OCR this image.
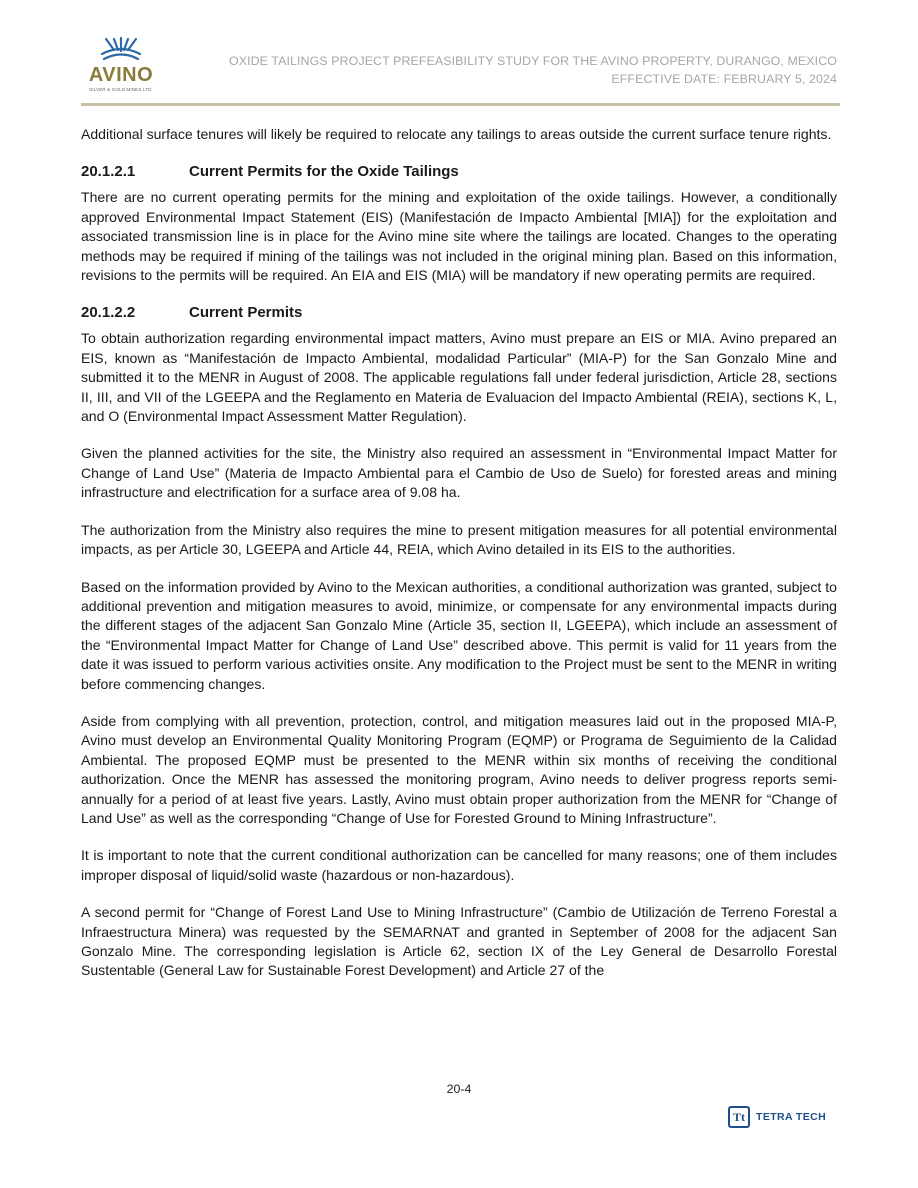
AVINO
SILVER & GOLD MINES LTD.
OXIDE TAILINGS PROJECT PREFEASIBILITY STUDY FOR THE AVINO PROPERTY, DURANGO, MEXICO
EFFECTIVE DATE: FEBRUARY 5, 2024

Additional surface tenures will likely be required to relocate any tailings to areas outside the current surface tenure rights.

20.1.2.1	Current Permits for the Oxide Tailings

There are no current operating permits for the mining and exploitation of the oxide tailings. However, a conditionally approved Environmental Impact Statement (EIS) (Manifestación de Impacto Ambiental [MIA]) for the exploitation and associated transmission line is in place for the Avino mine site where the tailings are located. Changes to the operating methods may be required if mining of the tailings was not included in the original mining plan. Based on this information, revisions to the permits will be required. An EIA and EIS (MIA) will be mandatory if new operating permits are required.

20.1.2.2	Current Permits

To obtain authorization regarding environmental impact matters, Avino must prepare an EIS or MIA. Avino prepared an EIS, known as “Manifestación de Impacto Ambiental, modalidad Particular” (MIA-P) for the San Gonzalo Mine and submitted it to the MENR in August of 2008. The applicable regulations fall under federal jurisdiction, Article 28, sections II, III, and VII of the LGEEPA and the Reglamento en Materia de Evaluacion del Impacto Ambiental (REIA), sections K, L, and O (Environmental Impact Assessment Matter Regulation).

Given the planned activities for the site, the Ministry also required an assessment in “Environmental Impact Matter for Change of Land Use” (Materia de Impacto Ambiental para el Cambio de Uso de Suelo) for forested areas and mining infrastructure and electrification for a surface area of 9.08 ha.

The authorization from the Ministry also requires the mine to present mitigation measures for all potential environmental impacts, as per Article 30, LGEEPA and Article 44, REIA, which Avino detailed in its EIS to the authorities.

Based on the information provided by Avino to the Mexican authorities, a conditional authorization was granted, subject to additional prevention and mitigation measures to avoid, minimize, or compensate for any environmental impacts during the different stages of the adjacent San Gonzalo Mine (Article 35, section II, LGEEPA), which include an assessment of the “Environmental Impact Matter for Change of Land Use” described above. This permit is valid for 11 years from the date it was issued to perform various activities onsite. Any modification to the Project must be sent to the MENR in writing before commencing changes.

Aside from complying with all prevention, protection, control, and mitigation measures laid out in the proposed MIA-P, Avino must develop an Environmental Quality Monitoring Program (EQMP) or Programa de Seguimiento de la Calidad Ambiental. The proposed EQMP must be presented to the MENR within six months of receiving the conditional authorization. Once the MENR has assessed the monitoring program, Avino needs to deliver progress reports semi-annually for a period of at least five years. Lastly, Avino must obtain proper authorization from the MENR for “Change of Land Use” as well as the corresponding “Change of Use for Forested Ground to Mining Infrastructure”.

It is important to note that the current conditional authorization can be cancelled for many reasons; one of them includes improper disposal of liquid/solid waste (hazardous or non-hazardous).

A second permit for “Change of Forest Land Use to Mining Infrastructure” (Cambio de Utilización de Terreno Forestal a Infraestructura Minera) was requested by the SEMARNAT and granted in September of 2008 for the adjacent San Gonzalo Mine. The corresponding legislation is Article 62, section IX of the Ley General de Desarrollo Forestal Sustentable (General Law for Sustainable Forest Development) and Article 27 of the

20-4
Tt	TETRA TECH
